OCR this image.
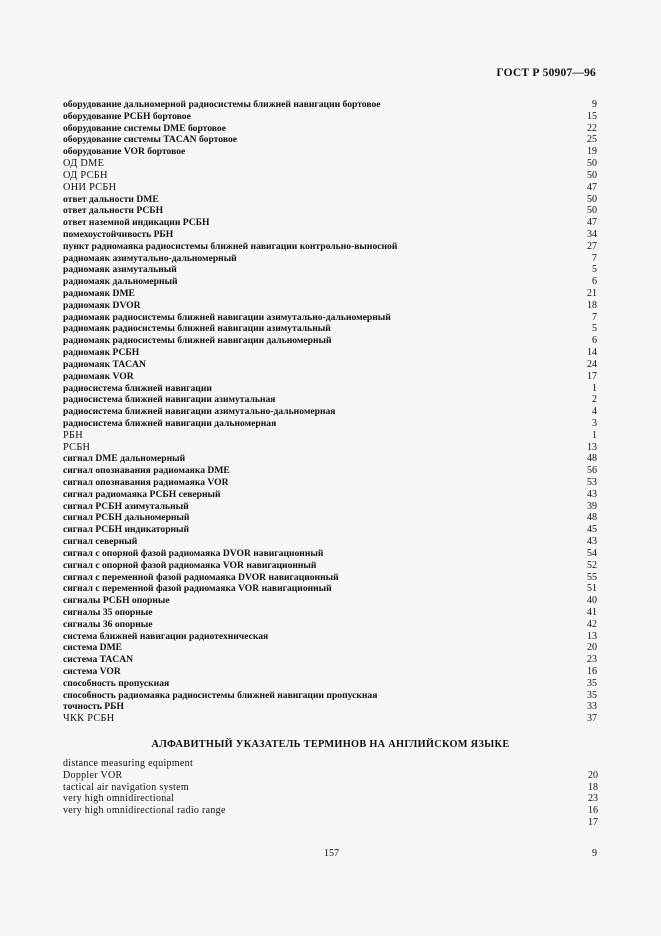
ГОСТ Р 50907—96
оборудование дальномерной радиосистемы ближней навигации бортовое	9
оборудование РСБН бортовое	15
оборудование системы DME бортовое	22
оборудование системы TACAN бортовое	25
оборудование VOR бортовое	19
ОД DME	50
ОД РСБН	50
ОНИ РСБН	47
ответ дальности DME	50
ответ дальности РСБН	50
ответ наземной индикации РСБН	47
помехоустойчивость РБН	34
пункт радиомаяка радиосистемы ближней навигации контрольно-выносной	27
радиомаяк азимутально-дальномерный	7
радиомаяк азимутальный	5
радиомаяк дальномерный	6
радиомаяк DME	21
радиомаяк DVOR	18
радиомаяк радиосистемы ближней навигации азимутально-дальномерный	7
радиомаяк радиосистемы ближней навигации азимутальный	5
радиомаяк радиосистемы ближней навигации дальномерный	6
радиомаяк РСБН	14
радиомаяк TACAN	24
радиомаяк VOR	17
радиосистема ближней навигации	1
радиосистема ближней навигации азимутальная	2
радиосистема ближней навигации азимутально-дальномерная	4
радиосистема ближней навигации дальномерная	3
РБН	1
РСБН	13
сигнал DME дальномерный	48
сигнал опознавания радиомаяка DME	56
сигнал опознавания радиомаяка VOR	53
сигнал радиомаяка РСБН северный	43
сигнал РСБН азимутальный	39
сигнал РСБН дальномерный	48
сигнал РСБН индикаторный	45
сигнал северный	43
сигнал с опорной фазой радиомаяка DVOR навигационный	54
сигнал с опорной фазой радиомаяка VOR навигационный	52
сигнал с переменной фазой радиомаяка DVOR навигационный	55
сигнал с переменной фазой радиомаяка VOR навигационный	51
сигналы РСБН опорные	40
сигналы 35 опорные	41
сигналы 36 опорные	42
система ближней навигации радиотехническая	13
система DME	20
система TACAN	23
система VOR	16
способность пропускная	35
способность радиомаяка радиосистемы ближней навигации пропускная	35
точность РБН	33
ЧКК РСБН	37
АЛФАВИТНЫЙ УКАЗАТЕЛЬ ТЕРМИНОВ НА АНГЛИЙСКОМ ЯЗЫКЕ
distance measuring equipment
Doppler VOR	20
tactical air navigation system	18
very high omnidirectional	23
very high omnidirectional radio range	16
17
157	9
